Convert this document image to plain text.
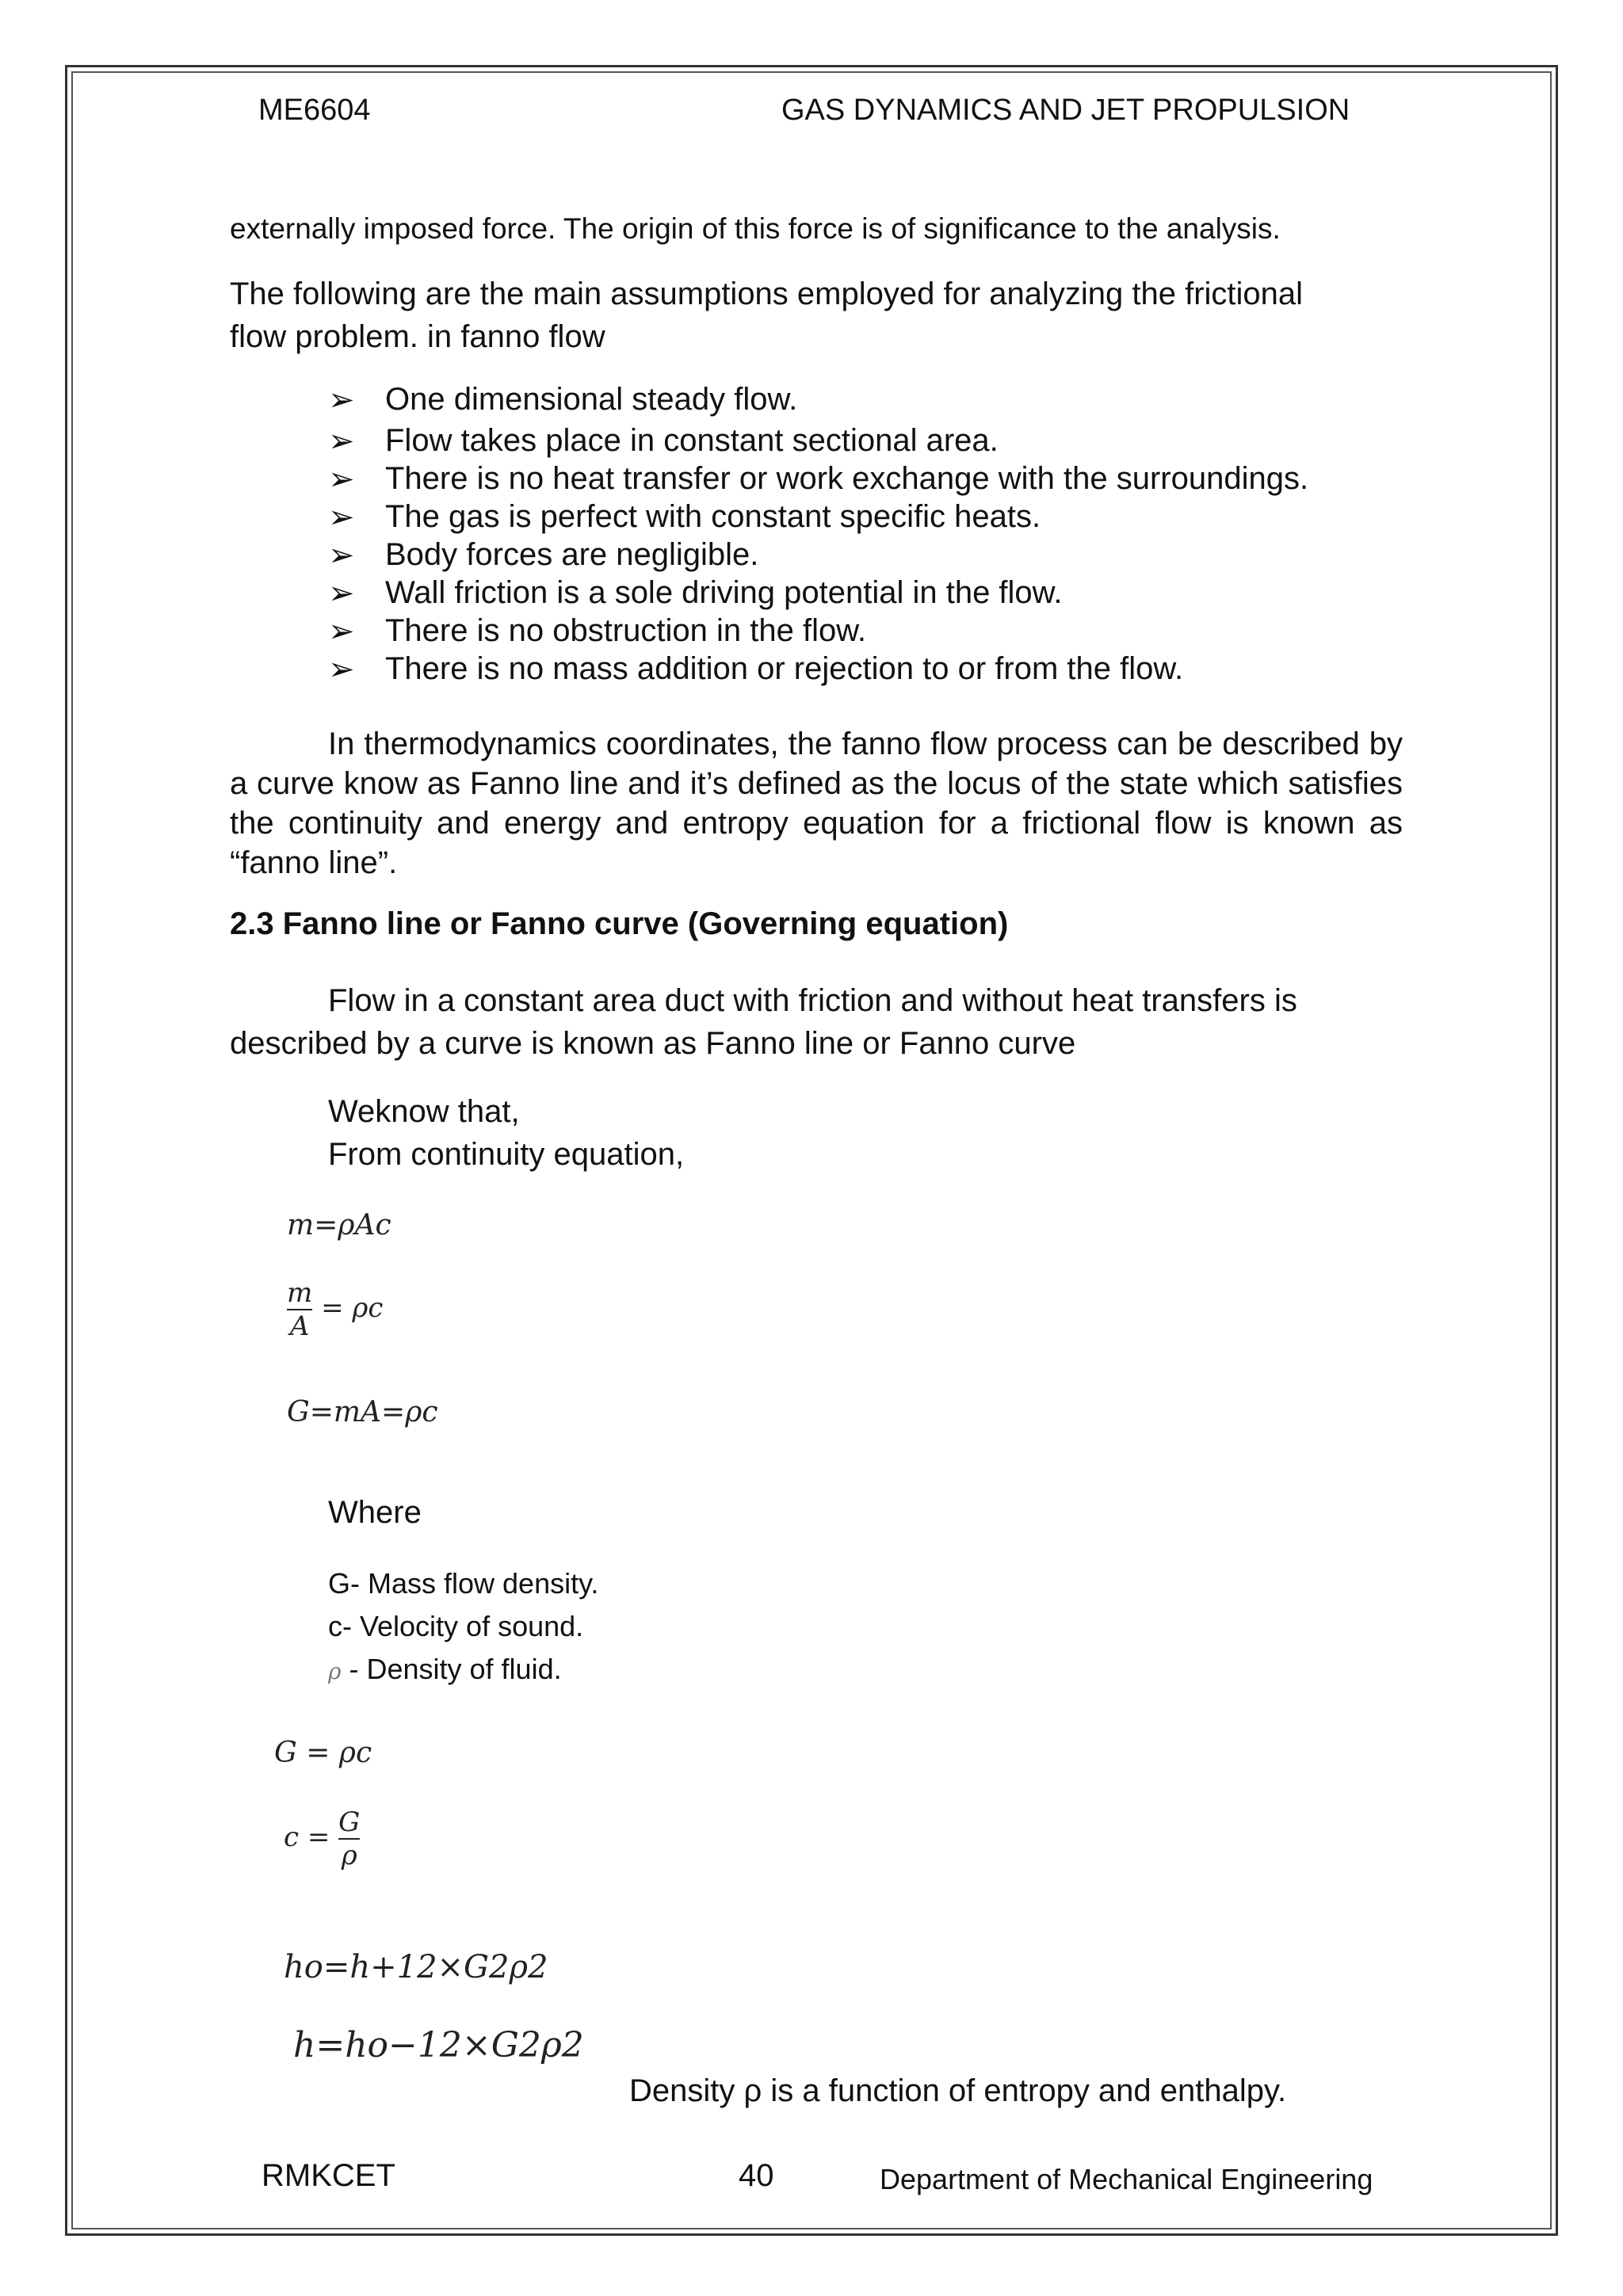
ME6604	GAS DYNAMICS AND JET PROPULSION
externally imposed force. The origin of this force is of significance to the analysis.
The following are the main assumptions employed for analyzing the frictional
flow problem. in fanno flow
➢ One dimensional steady flow.
➢ Flow takes place in constant sectional area.
➢ There is no heat transfer or work exchange with the surroundings.
➢ The gas is perfect with constant specific heats.
➢ Body forces are negligible.
➢ Wall friction is a sole driving potential in the flow.
➢ There is no obstruction in the flow.
➢ There is no mass addition or rejection to or from the flow.
In thermodynamics coordinates, the fanno flow process can be described by a curve know as Fanno line and it’s defined as the locus of the state which satisfies the continuity and energy and entropy equation for a frictional flow is known as “fanno line”.
2.3 Fanno line or Fanno curve (Governing equation)
Flow in a constant area duct with friction and without heat transfers is
described by a curve is known as Fanno line or Fanno curve
Weknow that,
From continuity equation,
m=ρAc
$\frac{m}{A} = \rho c$
G=mA=ρc
Where
G- Mass flow density.
c- Velocity of sound.
ρ - Density of fluid.
G = ρc
$c = \frac{G}{\rho}$
ho=h+12×G2ρ2
h=ho−12×G2ρ2
Density ρ is a function of entropy and enthalpy.
RMKCET	40	Department of Mechanical Engineering
